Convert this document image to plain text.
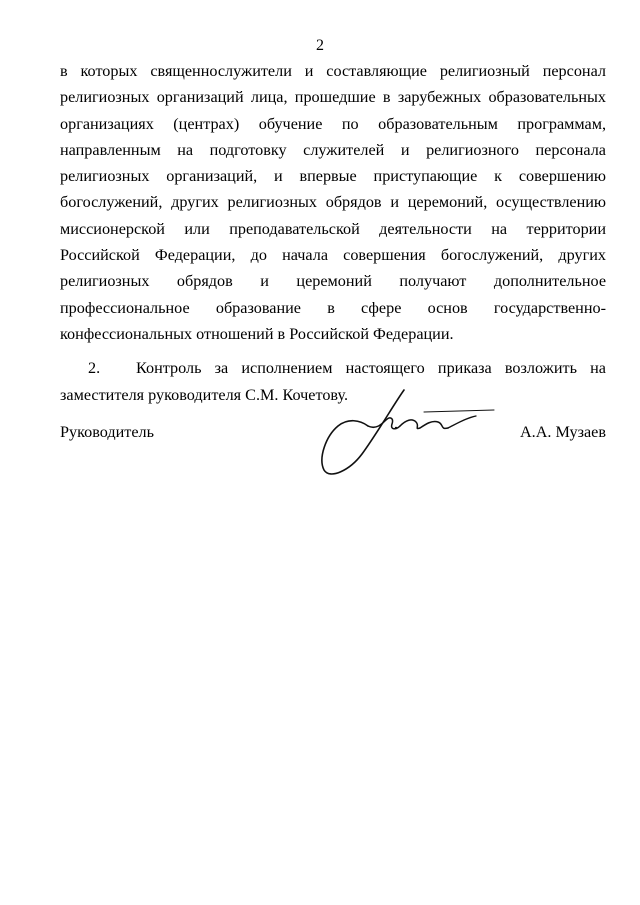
2

в которых священнослужители и составляющие религиозный персонал религиозных организаций лица, прошедшие в зарубежных образовательных организациях (центрах) обучение по образовательным программам, направленным на подготовку служителей и религиозного персонала религиозных организаций, и впервые приступающие к совершению богослужений, других религиозных обрядов и церемоний, осуществлению миссионерской или преподавательской деятельности на территории Российской Федерации, до начала совершения богослужений, других религиозных обрядов и церемоний получают дополнительное профессиональное образование в сфере основ государственно-конфессиональных отношений в Российской Федерации.

2. Контроль за исполнением настоящего приказа возложить на заместителя руководителя С.М. Кочетову.

Руководитель	А.А. Музаев
